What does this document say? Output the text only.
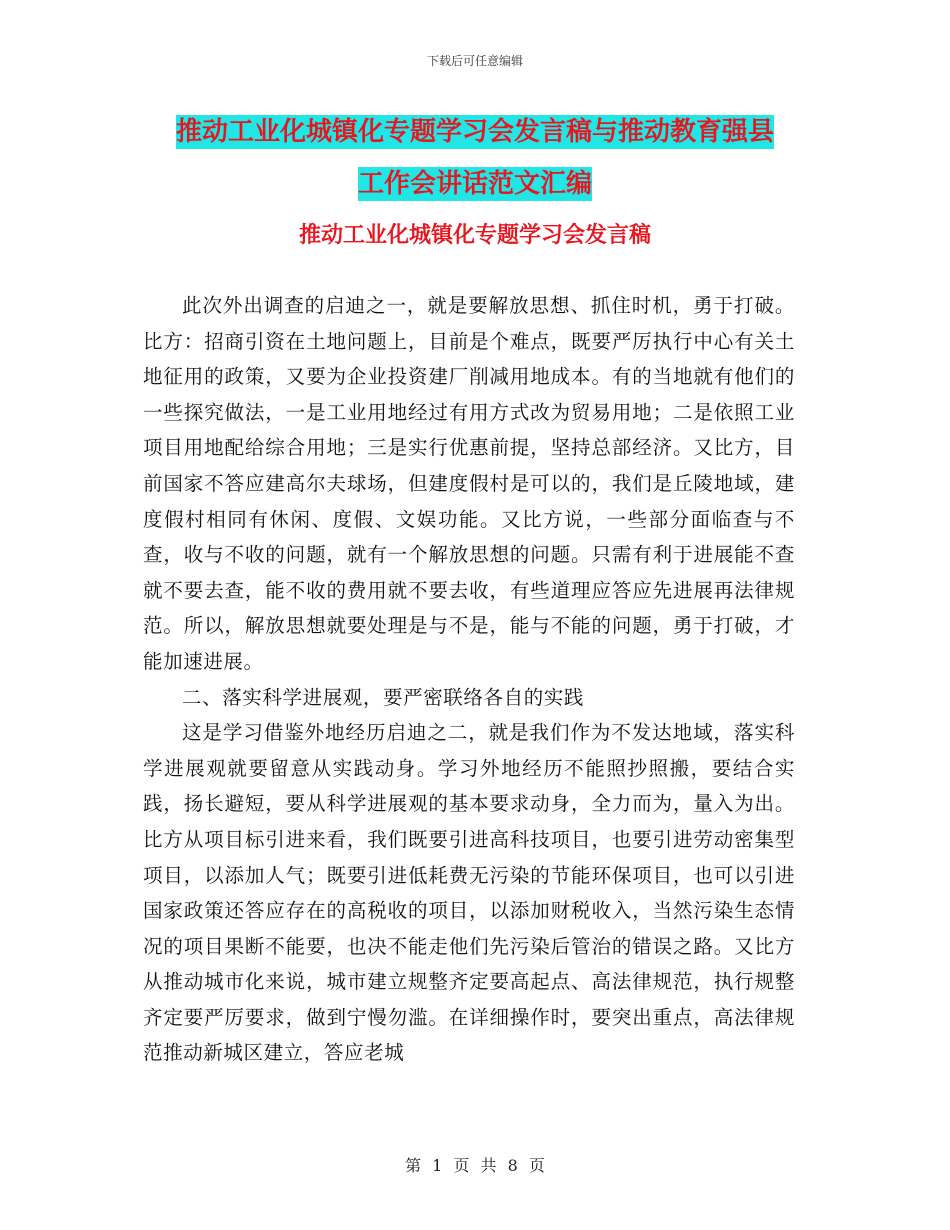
下载后可任意编辑
推动工业化城镇化专题学习会发言稿与推动教育强县
工作会讲话范文汇编
推动工业化城镇化专题学习会发言稿

此次外出调查的启迪之一，就是要解放思想、抓住时机，勇于打破。比方：招商引资在土地问题上，目前是个难点，既要严厉执行中心有关土地征用的政策，又要为企业投资建厂削减用地成本。有的当地就有他们的一些探究做法，一是工业用地经过有用方式改为贸易用地；二是依照工业项目用地配给综合用地；三是实行优惠前提，坚持总部经济。又比方，目前国家不答应建高尔夫球场，但建度假村是可以的，我们是丘陵地域，建度假村相同有休闲、度假、文娱功能。又比方说，一些部分面临查与不查，收与不收的问题，就有一个解放思想的问题。只需有利于进展能不查就不要去查，能不收的费用就不要去收，有些道理应答应先进展再法律规范。所以，解放思想就要处理是与不是，能与不能的问题，勇于打破，才能加速进展。

二、落实科学进展观，要严密联络各自的实践

这是学习借鉴外地经历启迪之二，就是我们作为不发达地域，落实科学进展观就要留意从实践动身。学习外地经历不能照抄照搬，要结合实践，扬长避短，要从科学进展观的基本要求动身，全力而为，量入为出。比方从项目标引进来看，我们既要引进高科技项目，也要引进劳动密集型项目，以添加人气；既要引进低耗费无污染的节能环保项目，也可以引进国家政策还答应存在的高税收的项目，以添加财税收入，当然污染生态情况的项目果断不能要，也决不能走他们先污染后管治的错误之路。又比方从推动城市化来说，城市建立规整齐定要高起点、高法律规范，执行规整齐定要严厉要求，做到宁慢勿滥。在详细操作时，要突出重点，高法律规范推动新城区建立，答应老城

第 1 页 共 8 页
